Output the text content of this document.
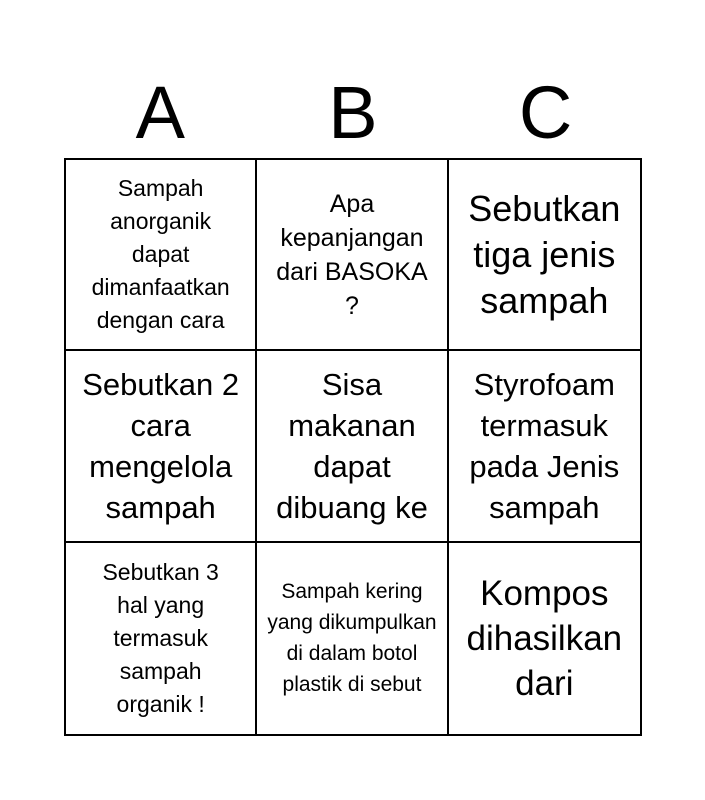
A	B	C
Sampah anorganik dapat dimanfaatkan dengan cara
Apa kepanjangan dari BASOKA ?
Sebutkan tiga jenis sampah
Sebutkan 2 cara mengelola sampah
Sisa makanan dapat dibuang ke
Styrofoam termasuk pada Jenis sampah
Sebutkan 3 hal yang termasuk sampah organik !
Sampah kering yang dikumpulkan di dalam botol plastik di sebut
Kompos dihasilkan dari
